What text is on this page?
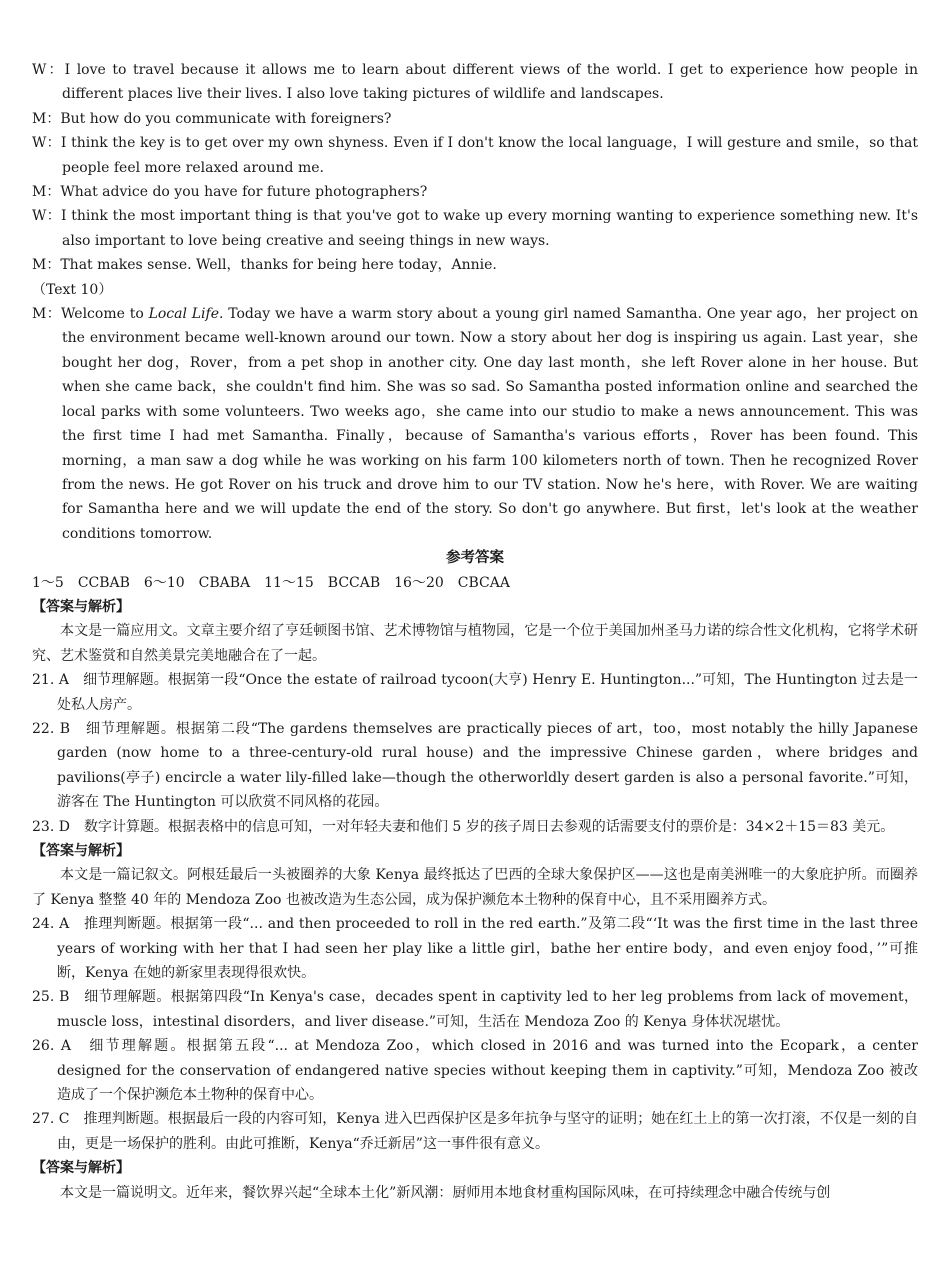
W：I love to travel because it allows me to learn about different views of the world. I get to experience how people in different places live their lives. I also love taking pictures of wildlife and landscapes.
M：But how do you communicate with foreigners?
W：I think the key is to get over my own shyness. Even if I don't know the local language，I will gesture and smile，so that people feel more relaxed around me.
M：What advice do you have for future photographers?
W：I think the most important thing is that you've got to wake up every morning wanting to experience something new. It's also important to love being creative and seeing things in new ways.
M：That makes sense. Well，thanks for being here today，Annie.
（Text 10）
M：Welcome to Local Life. Today we have a warm story about a young girl named Samantha. One year ago，her project on the environment became well-known around our town. Now a story about her dog is inspiring us again. Last year，she bought her dog，Rover，from a pet shop in another city. One day last month，she left Rover alone in her house. But when she came back，she couldn't find him. She was so sad. So Samantha posted information online and searched the local parks with some volunteers. Two weeks ago，she came into our studio to make a news announcement. This was the first time I had met Samantha. Finally，because of Samantha's various efforts，Rover has been found. This morning，a man saw a dog while he was working on his farm 100 kilometers north of town. Then he recognized Rover from the news. He got Rover on his truck and drove him to our TV station. Now he's here，with Rover. We are waiting for Samantha here and we will update the end of the story. So don't go anywhere. But first，let's look at the weather conditions tomorrow.
参考答案
1～5　CCBAB　6～10　CBABA　11～15　BCCAB　16～20　CBCAA
【答案与解析】
本文是一篇应用文。文章主要介绍了亨廷顿图书馆、艺术博物馆与植物园，它是一个位于美国加州圣马力诺的综合性文化机构，它将学术研究、艺术鉴赏和自然美景完美地融合在了一起。
21. A　细节理解题。根据第一段“Once the estate of railroad tycoon(大亨) Henry E. Huntington...”可知，The Huntington 过去是一处私人房产。
22. B　细节理解题。根据第二段“The gardens themselves are practically pieces of art，too，most notably the hilly Japanese garden (now home to a three-century-old rural house) and the impressive Chinese garden，where bridges and pavilions(亭子) encircle a water lily-filled lake—though the otherworldly desert garden is also a personal favorite.”可知，游客在 The Huntington 可以欣赏不同风格的花园。
23. D　数字计算题。根据表格中的信息可知，一对年轻夫妻和他们 5 岁的孩子周日去参观的话需要支付的票价是：34×2＋15＝83 美元。
【答案与解析】
本文是一篇记叙文。阿根廷最后一头被圈养的大象 Kenya 最终抵达了巴西的全球大象保护区——这也是南美洲唯一的大象庇护所。而圈养了 Kenya 整整 40 年的 Mendoza Zoo 也被改造为生态公园，成为保护濒危本土物种的保育中心，且不采用圈养方式。
24. A　推理判断题。根据第一段“... and then proceeded to roll in the red earth.”及第二段“‘It was the first time in the last three years of working with her that I had seen her play like a little girl，bathe her entire body，and even enjoy food，’”可推断，Kenya 在她的新家里表现得很欢快。
25. B　细节理解题。根据第四段“In Kenya's case，decades spent in captivity led to her leg problems from lack of movement，muscle loss，intestinal disorders，and liver disease.”可知，生活在 Mendoza Zoo 的 Kenya 身体状况堪忧。
26. A　细节理解题。根据第五段“... at Mendoza Zoo，which closed in 2016 and was turned into the Ecopark，a center designed for the conservation of endangered native species without keeping them in captivity.”可知，Mendoza Zoo 被改造成了一个保护濒危本土物种的保育中心。
27. C　推理判断题。根据最后一段的内容可知，Kenya 进入巴西保护区是多年抗争与坚守的证明；她在红土上的第一次打滚，不仅是一刻的自由，更是一场保护的胜利。由此可推断，Kenya“乔迁新居”这一事件很有意义。
【答案与解析】
本文是一篇说明文。近年来，餐饮界兴起“全球本土化”新风潮：厨师用本地食材重构国际风味，在可持续理念中融合传统与创
